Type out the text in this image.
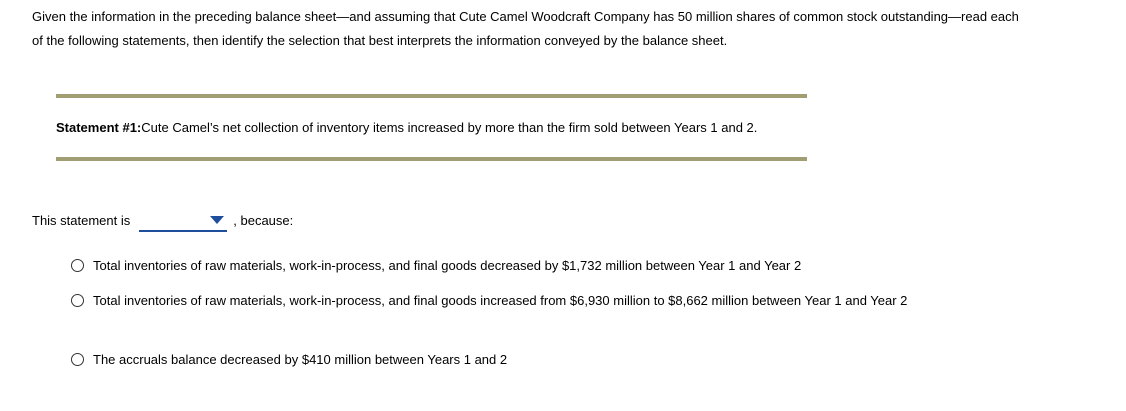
Given the information in the preceding balance sheet—and assuming that Cute Camel Woodcraft Company has 50 million shares of common stock outstanding—read each of the following statements, then identify the selection that best interprets the information conveyed by the balance sheet.

Statement #1:Cute Camel’s net collection of inventory items increased by more than the firm sold between Years 1 and 2.

This statement is	, because:
Total inventories of raw materials, work-in-process, and final goods decreased by $1,732 million between Year 1 and Year 2
Total inventories of raw materials, work-in-process, and final goods increased from $6,930 million to $8,662 million between Year 1 and Year 2
The accruals balance decreased by $410 million between Years 1 and 2
